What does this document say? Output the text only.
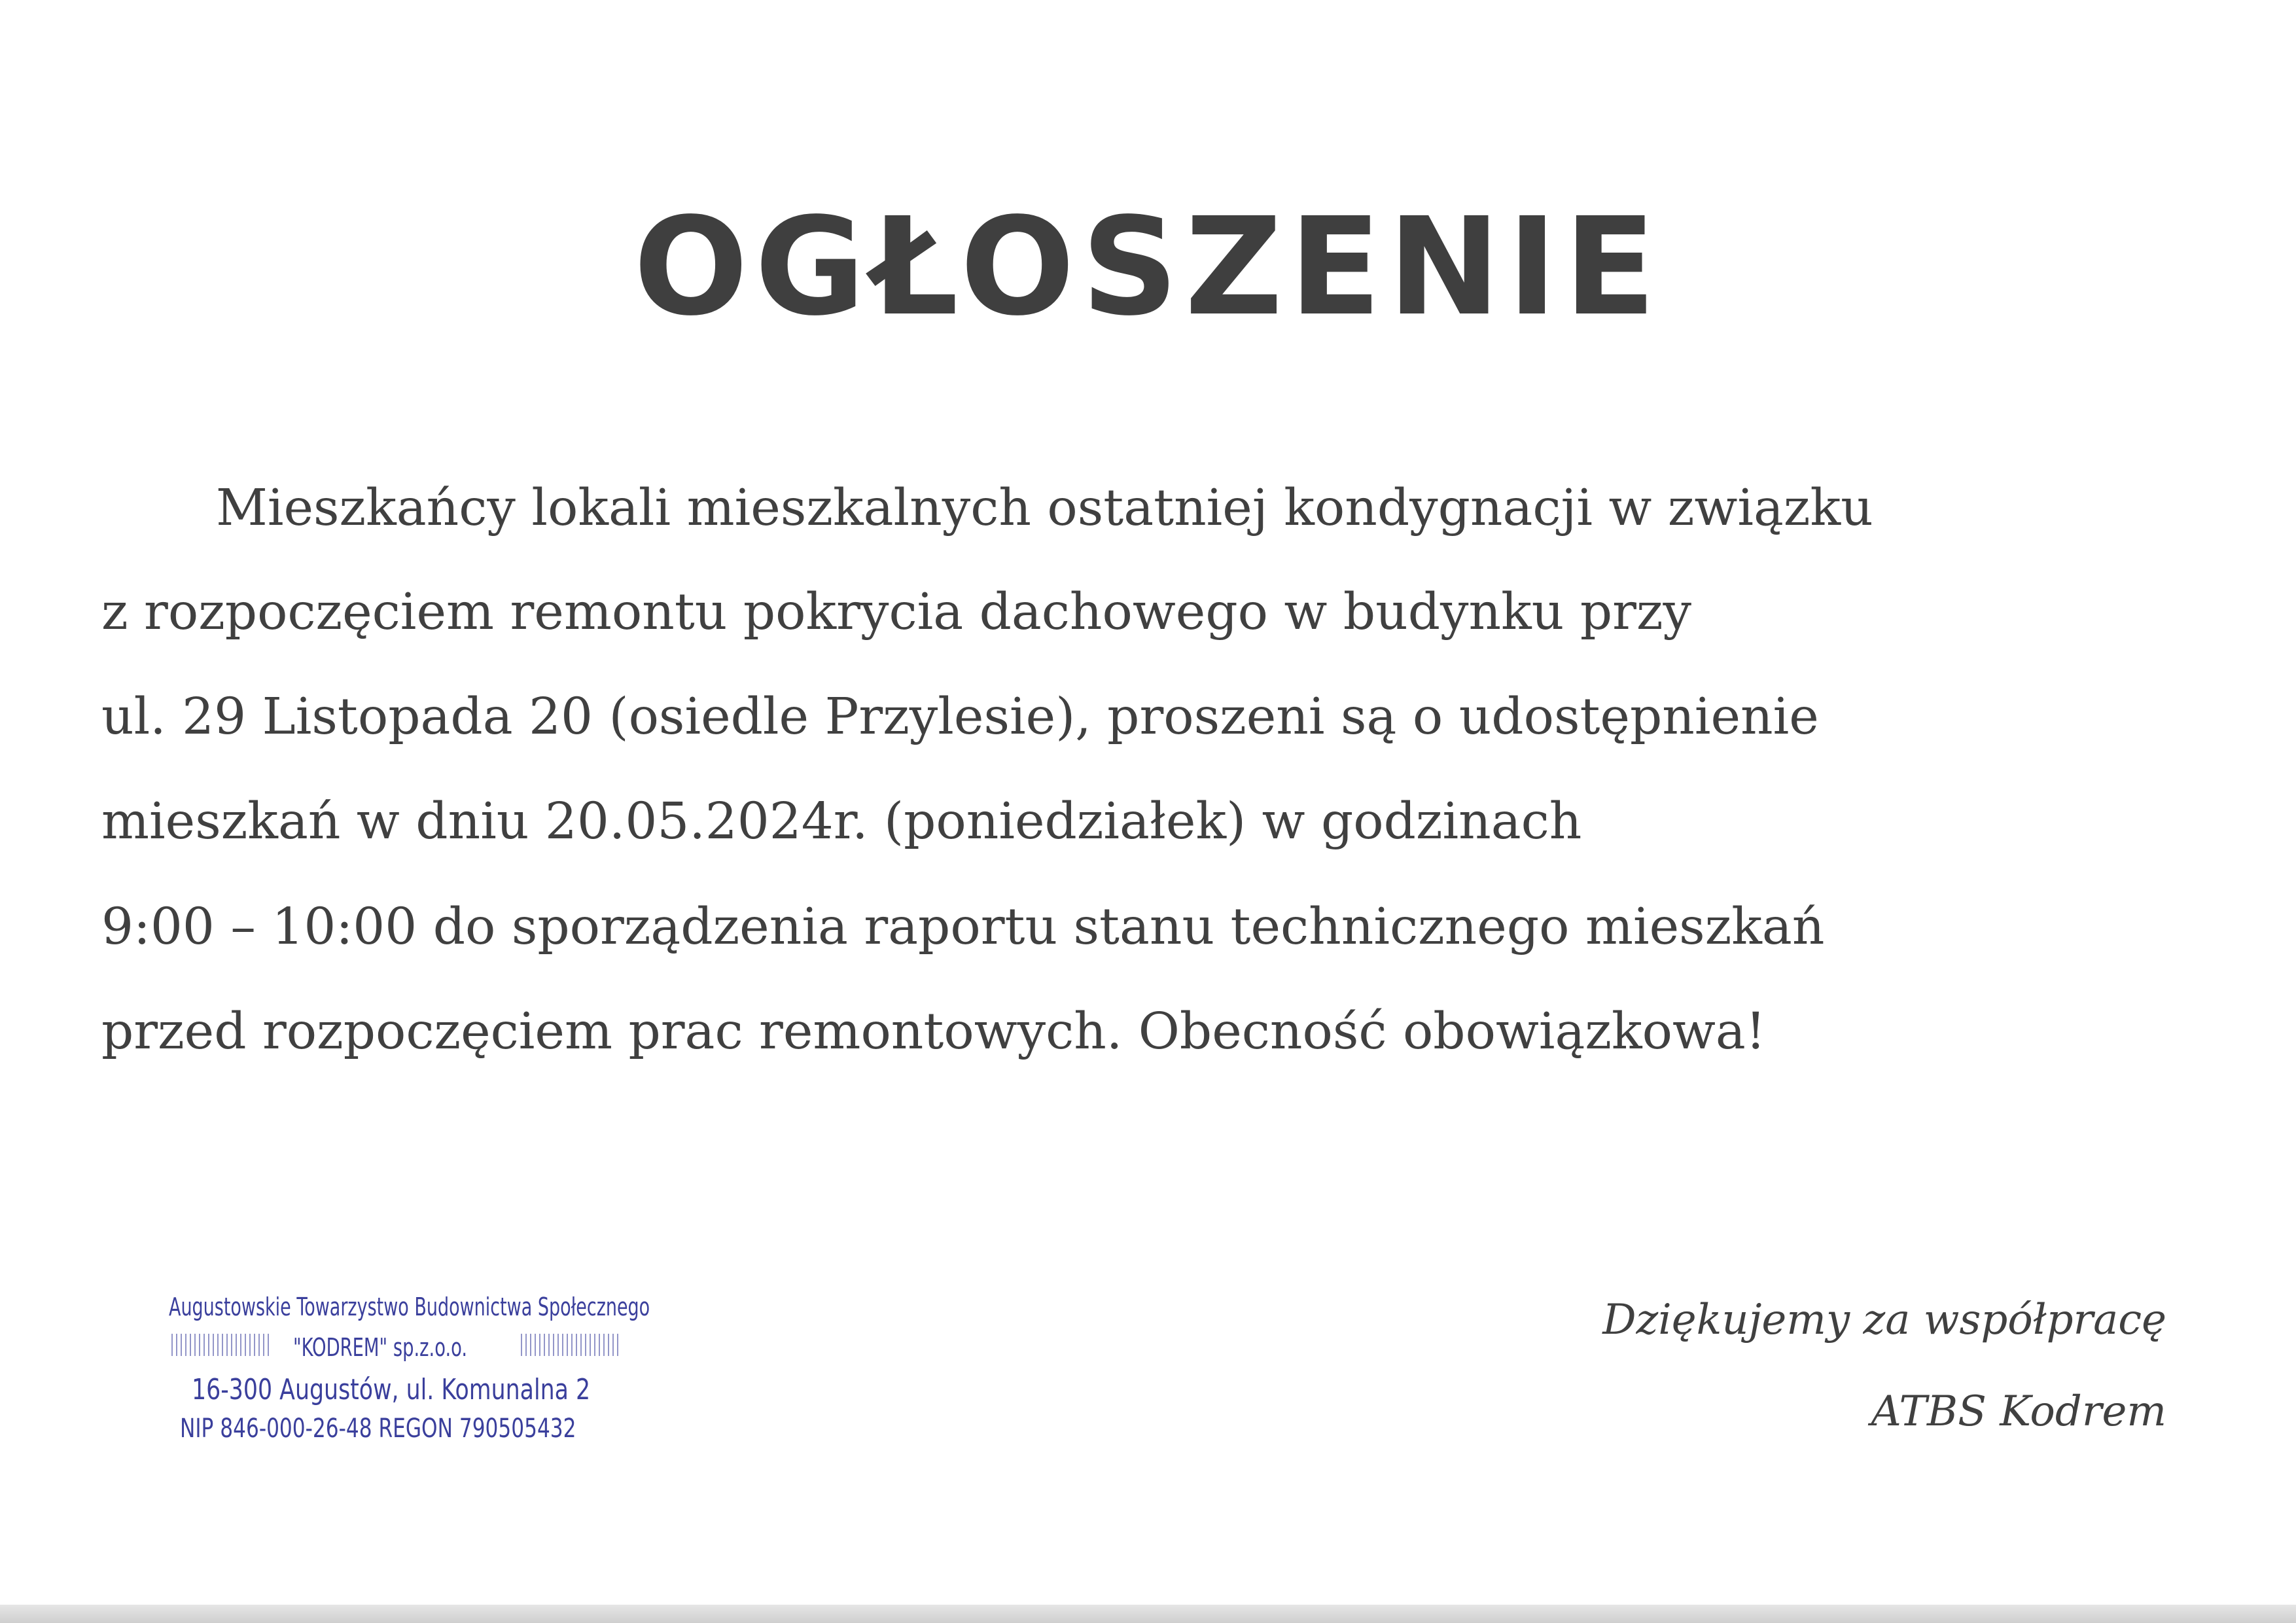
OGŁOSZENIE
Mieszkańcy lokali mieszkalnych ostatniej kondygnacji w związku
z rozpoczęciem remontu pokrycia dachowego w budynku przy
ul. 29 Listopada 20 (osiedle Przylesie), proszeni są o udostępnienie
mieszkań w dniu 20.05.2024r. (poniedziałek) w godzinach
9:00 – 10:00 do sporządzenia raportu stanu technicznego mieszkań
przed rozpoczęciem prac remontowych. Obecność obowiązkowa!
Augustowskie Towarzystwo Budownictwa Społecznego
"KODREM" sp.z.o.o.
16-300 Augustów, ul. Komunalna 2
NIP 846-000-26-48 REGON 790505432
Dziękujemy za współpracę
ATBS Kodrem
